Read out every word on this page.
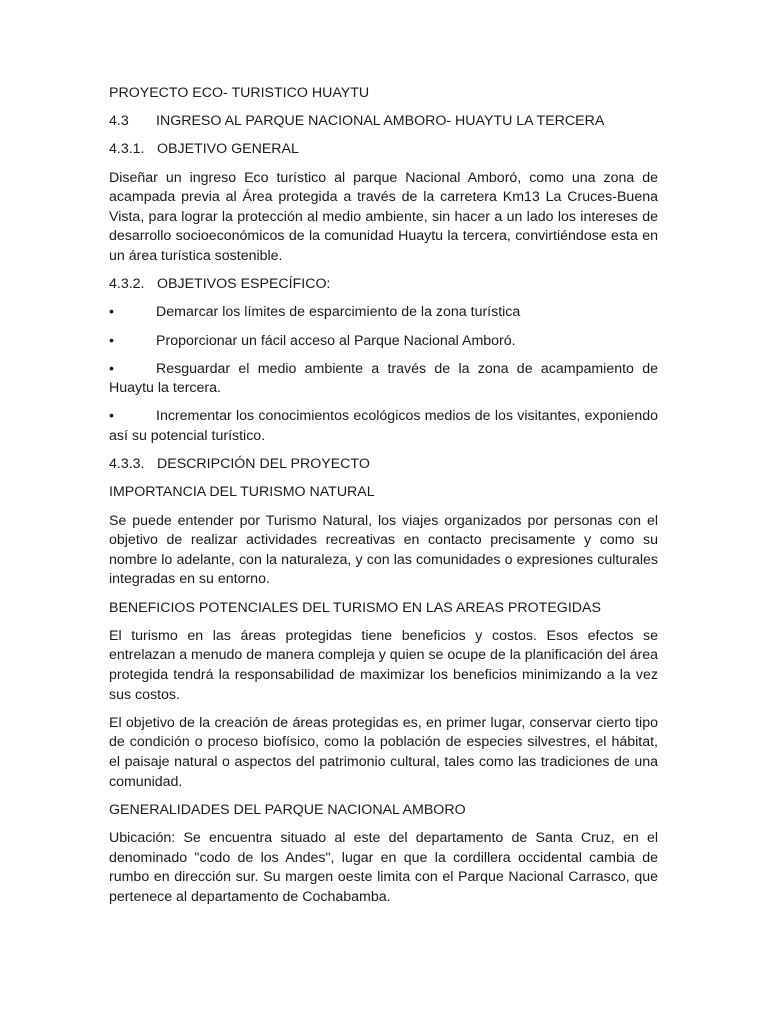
PROYECTO ECO- TURISTICO HUAYTU

4.3 INGRESO AL PARQUE NACIONAL AMBORO- HUAYTU LA TERCERA

4.3.1. OBJETIVO GENERAL

Diseñar un ingreso Eco turístico al parque Nacional Amboró, como una zona de acampada previa al Área protegida a través de la carretera Km13 La Cruces-Buena Vista, para lograr la protección al medio ambiente, sin hacer a un lado los intereses de desarrollo socioeconómicos de la comunidad Huaytu la tercera, convirtiéndose esta en un área turística sostenible.

4.3.2. OBJETIVOS ESPECÍFICO:

•	Demarcar los límites de esparcimiento de la zona turística

•	Proporcionar un fácil acceso al Parque Nacional Amboró.

•	Resguardar el medio ambiente a través de la zona de acampamiento de Huaytu la tercera.

•	Incrementar los conocimientos ecológicos medios de los visitantes, exponiendo así su potencial turístico.

4.3.3. DESCRIPCIÓN DEL PROYECTO

IMPORTANCIA DEL TURISMO NATURAL

Se puede entender por Turismo Natural, los viajes organizados por personas con el objetivo de realizar actividades recreativas en contacto precisamente y como su nombre lo adelante, con la naturaleza, y con las comunidades o expresiones culturales integradas en su entorno.

BENEFICIOS POTENCIALES DEL TURISMO EN LAS AREAS PROTEGIDAS

El turismo en las áreas protegidas tiene beneficios y costos. Esos efectos se entrelazan a menudo de manera compleja y quien se ocupe de la planificación del área protegida tendrá la responsabilidad de maximizar los beneficios minimizando a la vez sus costos.

El objetivo de la creación de áreas protegidas es, en primer lugar, conservar cierto tipo de condición o proceso biofísico, como la población de especies silvestres, el hábitat, el paisaje natural o aspectos del patrimonio cultural, tales como las tradiciones de una comunidad.

GENERALIDADES DEL PARQUE NACIONAL AMBORO

Ubicación: Se encuentra situado al este del departamento de Santa Cruz, en el denominado "codo de los Andes", lugar en que la cordillera occidental cambia de rumbo en dirección sur. Su margen oeste limita con el Parque Nacional Carrasco, que pertenece al departamento de Cochabamba.
